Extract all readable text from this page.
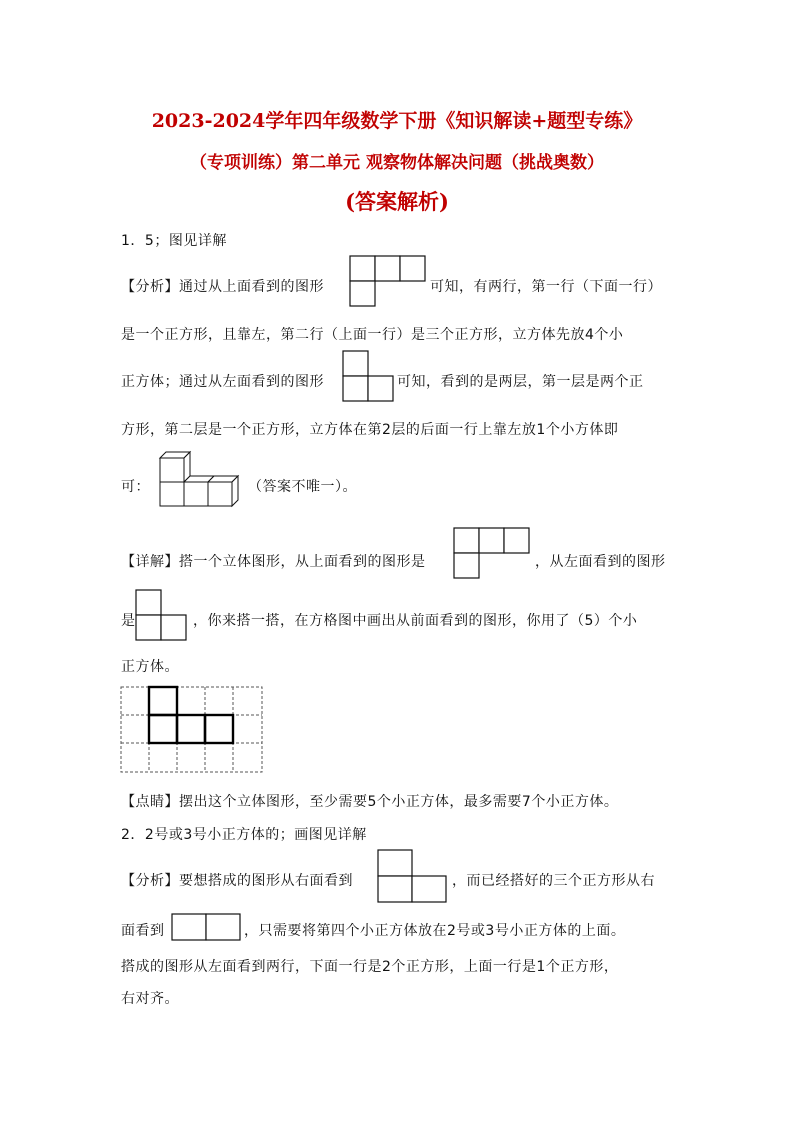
2023-2024学年四年级数学下册《知识解读+题型专练》
（专项训练）第二单元 观察物体解决问题（挑战奥数）
(答案解析)
1．5；图见详解
【分析】通过从上面看到的图形	可知，有两行，第一行（下面一行）
是一个正方形，且靠左，第二行（上面一行）是三个正方形，立方体先放4个小
正方体；通过从左面看到的图形	可知，看到的是两层，第一层是两个正
方形，第二层是一个正方形，立方体在第2层的后面一行上靠左放1个小方体即
可：	（答案不唯一）。
【详解】搭一个立体图形，从上面看到的图形是	，从左面看到的图形
是	，你来搭一搭，在方格图中画出从前面看到的图形，你用了（5）个小
正方体。
【点睛】摆出这个立体图形，至少需要5个小正方体，最多需要7个小正方体。
2．2号或3号小正方体的；画图见详解
【分析】要想搭成的图形从右面看到	，而已经搭好的三个正方形从右
面看到	，只需要将第四个小正方体放在2号或3号小正方体的上面。
搭成的图形从左面看到两行，下面一行是2个正方形，上面一行是1个正方形，
右对齐。
